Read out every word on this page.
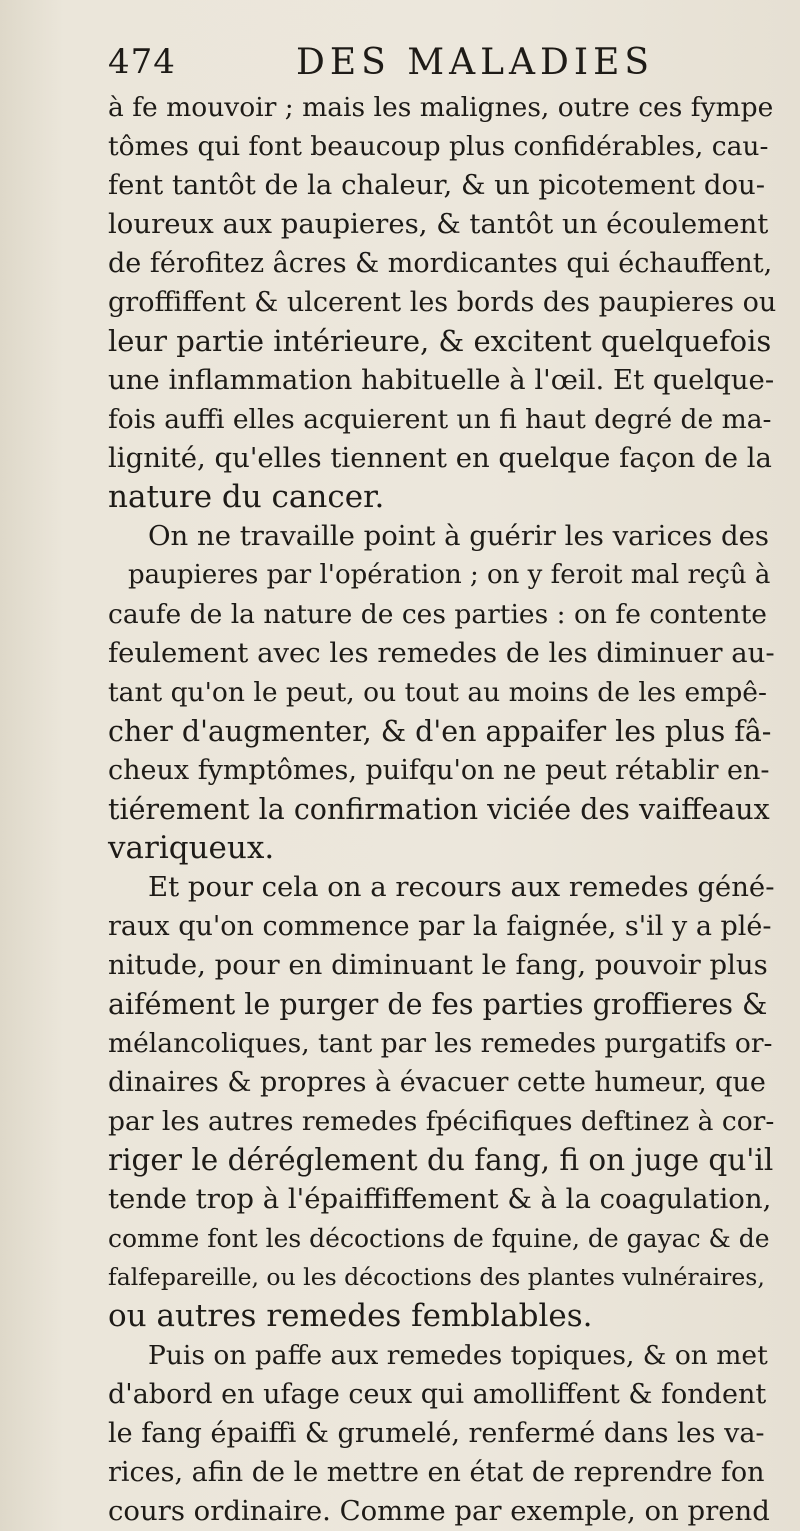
474	DES MALADIES
à fe mouvoir ; mais les malignes, outre ces fympe
tômes qui font beaucoup plus confidérables, cau-
fent tantôt de la chaleur, & un picotement dou-
loureux aux paupieres, & tantôt un écoulement
de férofitez âcres & mordicantes qui échauffent,
groffiffent & ulcerent les bords des paupieres ou
leur partie intérieure, & excitent quelquefois
une inflammation habituelle à l'œil. Et quelque-
fois auffi elles acquierent un fi haut degré de ma-
lignité, qu'elles tiennent en quelque façon de la
nature du cancer.
On ne travaille point à guérir les varices des
paupieres par l'opération ; on y feroit mal reçû à
caufe de la nature de ces parties : on fe contente
feulement avec les remedes de les diminuer au-
tant qu'on le peut, ou tout au moins de les empê-
cher d'augmenter, & d'en appaifer les plus fâ-
cheux fymptômes, puifqu'on ne peut rétablir en-
tiérement la confirmation viciée des vaiffeaux
variqueux.
Et pour cela on a recours aux remedes géné-
raux qu'on commence par la faignée, s'il y a plé-
nitude, pour en diminuant le fang, pouvoir plus
aifément le purger de fes parties groffieres &
mélancoliques, tant par les remedes purgatifs or-
dinaires & propres à évacuer cette humeur, que
par les autres remedes fpécifiques deftinez à cor-
riger le déréglement du fang, fi on juge qu'il
tende trop à l'épaiffiffement & à la coagulation,
comme font les décoctions de fquine, de gayac & de
falfepareille, ou les décoctions des plantes vulnéraires,
ou autres remedes femblables.
Puis on paffe aux remedes topiques, & on met
d'abord en ufage ceux qui amolliffent & fondent
le fang épaiffi & grumelé, renfermé dans les va-
rices, afin de le mettre en état de reprendre fon
cours ordinaire. Comme par exemple, on prend
